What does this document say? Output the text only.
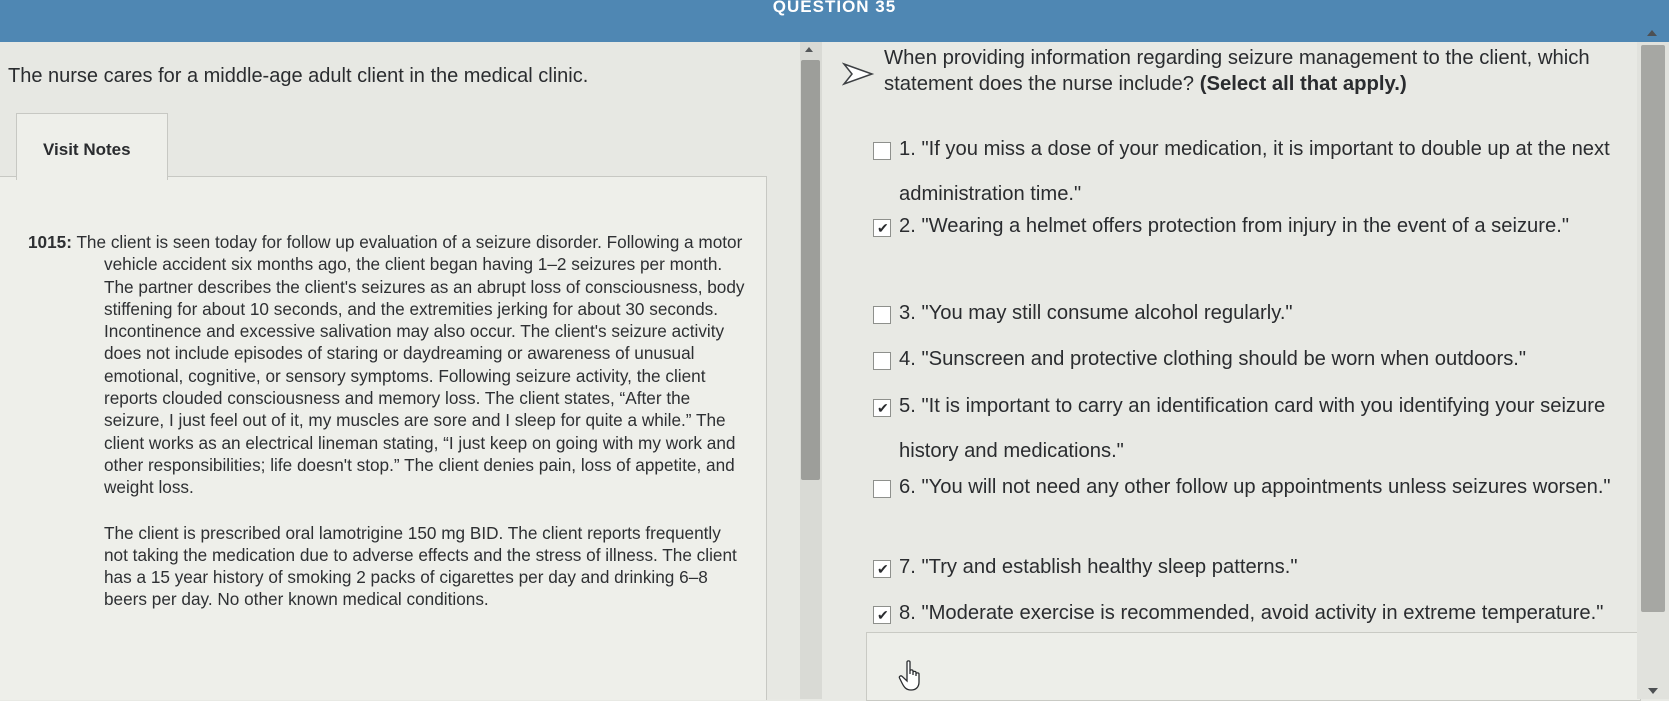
QUESTION 35

The nurse cares for a middle-age adult client in the medical clinic.

1015: The client is seen today for follow up evaluation of a seizure disorder. Following a motor vehicle accident six months ago, the client began having 1–2 seizures per month. The partner describes the client's seizures as an abrupt loss of consciousness, body stiffening for about 10 seconds, and the extremities jerking for about 30 seconds. Incontinence and excessive salivation may also occur. The client's seizure activity does not include episodes of staring or daydreaming or awareness of unusual emotional, cognitive, or sensory symptoms. Following seizure activity, the client reports clouded consciousness and memory loss. The client states, “After the seizure, I just feel out of it, my muscles are sore and I sleep for quite a while.” The client works as an electrical lineman stating, “I just keep on going with my work and other responsibilities; life doesn't stop.” The client denies pain, loss of appetite, and weight loss.
The client is prescribed oral lamotrigine 150 mg BID. The client reports frequently not taking the medication due to adverse effects and the stress of illness. The client has a 15 year history of smoking 2 packs of cigarettes per day and drinking 6–8 beers per day. No other known medical conditions.
Visit Notes

When providing information regarding seizure management to the client, which statement does the nurse include? (Select all that apply.)

1. "If you miss a dose of your medication, it is important to double up at the next administration time."
✔ 2. "Wearing a helmet offers protection from injury in the event of a seizure."
3. "You may still consume alcohol regularly."
4. "Sunscreen and protective clothing should be worn when outdoors."
✔ 5. "It is important to carry an identification card with you identifying your seizure history and medications."
6. "You will not need any other follow up appointments unless seizures worsen."
✔ 7. "Try and establish healthy sleep patterns."
✔ 8. "Moderate exercise is recommended, avoid activity in extreme temperature."
